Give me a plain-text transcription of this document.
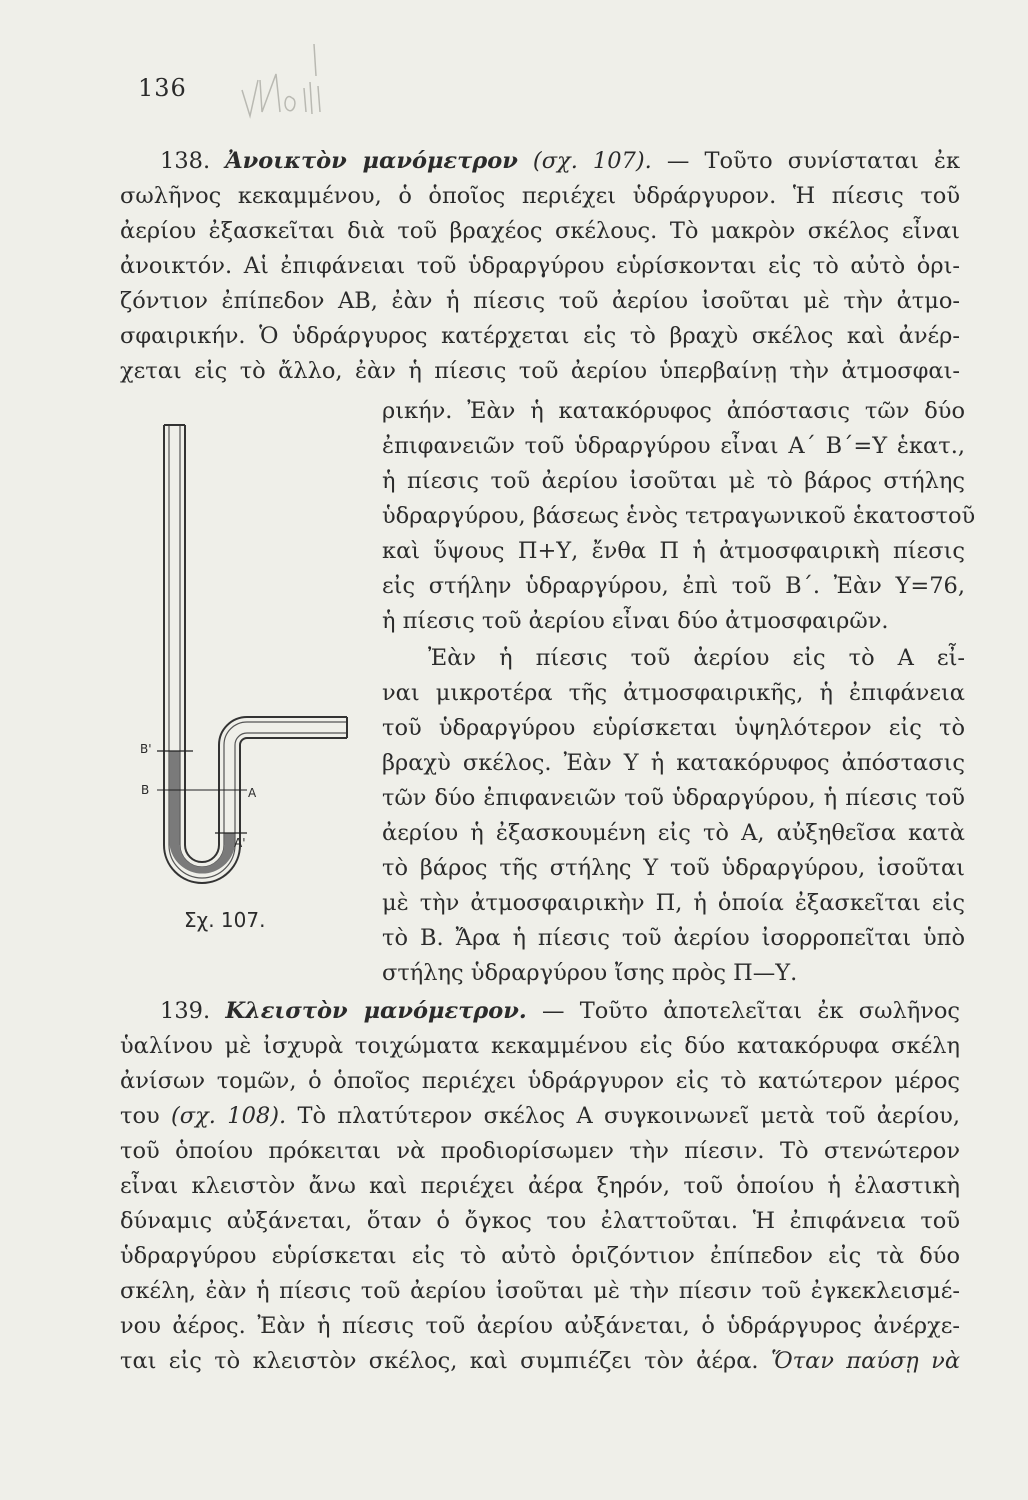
136
138. Ἀνοικτὸν μανόμετρον (σχ. 107). — Τοῦτο συνίσταται ἐκ
σωλῆνος κεκαμμένου, ὁ ὁποῖος περιέχει ὑδράργυρον. Ἡ πίεσις τοῦ
ἀερίου ἐξασκεῖται διὰ τοῦ βραχέος σκέλους. Τὸ μακρὸν σκέλος εἶναι
ἀνοικτόν. Αἱ ἐπιφάνειαι τοῦ ὑδραργύρου εὑρίσκονται εἰς τὸ αὐτὸ ὁρι-
ζόντιον ἐπίπεδον ΑΒ, ἐὰν ἡ πίεσις τοῦ ἀερίου ἰσοῦται μὲ τὴν ἀτμο-
σφαιρικήν. Ὁ ὑδράργυρος κατέρχεται εἰς τὸ βραχὺ σκέλος καὶ ἀνέρ-
χεται εἰς τὸ ἄλλο, ἐὰν ἡ πίεσις τοῦ ἀερίου ὑπερβαίνῃ τὴν ἀτμοσφαι-
ρικήν. Ἐὰν ἡ κατακόρυφος ἀπόστασις τῶν δύο
ἐπιφανειῶν τοῦ ὑδραργύρου εἶναι Α΄ Β΄=Υ ἑκατ.,
ἡ πίεσις τοῦ ἀερίου ἰσοῦται μὲ τὸ βάρος στήλης
ὑδραργύρου, βάσεως ἑνὸς τετραγωνικοῦ ἑκατοστοῦ
καὶ ὕψους Π+Υ, ἔνθα Π ἡ ἀτμοσφαιρικὴ πίεσις
εἰς στήλην ὑδραργύρου, ἐπὶ τοῦ Β΄. Ἐὰν Υ=76,
ἡ πίεσις τοῦ ἀερίου εἶναι δύο ἀτμοσφαιρῶν.
Ἐὰν ἡ πίεσις τοῦ ἀερίου εἰς τὸ Α εἶ-
ναι μικροτέρα τῆς ἀτμοσφαιρικῆς, ἡ ἐπιφάνεια
τοῦ ὑδραργύρου εὑρίσκεται ὑψηλότερον εἰς τὸ
βραχὺ σκέλος. Ἐὰν Υ ἡ κατακόρυφος ἀπόστασις
τῶν δύο ἐπιφανειῶν τοῦ ὑδραργύρου, ἡ πίεσις τοῦ
ἀερίου ἡ ἐξασκουμένη εἰς τὸ Α, αὐξηθεῖσα κατὰ
τὸ βάρος τῆς στήλης Υ τοῦ ὑδραργύρου, ἰσοῦται
μὲ τὴν ἀτμοσφαιρικὴν Π, ἡ ὁποία ἐξασκεῖται εἰς
τὸ Β. Ἄρα ἡ πίεσις τοῦ ἀερίου ἰσορροπεῖται ὑπὸ
στήλης ὑδραργύρου ἴσης πρὸς Π—Υ.
B'
B	A
A'
Σχ. 107.
139. Κλειστὸν μανόμετρον. — Τοῦτο ἀποτελεῖται ἐκ σωλῆνος
ὑαλίνου μὲ ἰσχυρὰ τοιχώματα κεκαμμένου εἰς δύο κατακόρυφα σκέλη
ἀνίσων τομῶν, ὁ ὁποῖος περιέχει ὑδράργυρον εἰς τὸ κατώτερον μέρος
του (σχ. 108). Τὸ πλατύτερον σκέλος Α συγκοινωνεῖ μετὰ τοῦ ἀερίου,
τοῦ ὁποίου πρόκειται νὰ προδιορίσωμεν τὴν πίεσιν. Τὸ στενώτερον
εἶναι κλειστὸν ἄνω καὶ περιέχει ἀέρα ξηρόν, τοῦ ὁποίου ἡ ἐλαστικὴ
δύναμις αὐξάνεται, ὅταν ὁ ὄγκος του ἐλαττοῦται. Ἡ ἐπιφάνεια τοῦ
ὑδραργύρου εὑρίσκεται εἰς τὸ αὐτὸ ὁριζόντιον ἐπίπεδον εἰς τὰ δύο
σκέλη, ἐὰν ἡ πίεσις τοῦ ἀερίου ἰσοῦται μὲ τὴν πίεσιν τοῦ ἐγκεκλεισμέ-
νου ἀέρος. Ἐὰν ἡ πίεσις τοῦ ἀερίου αὐξάνεται, ὁ ὑδράργυρος ἀνέρχε-
ται εἰς τὸ κλειστὸν σκέλος, καὶ συμπιέζει τὸν ἀέρα. Ὅταν παύσῃ νὰ
